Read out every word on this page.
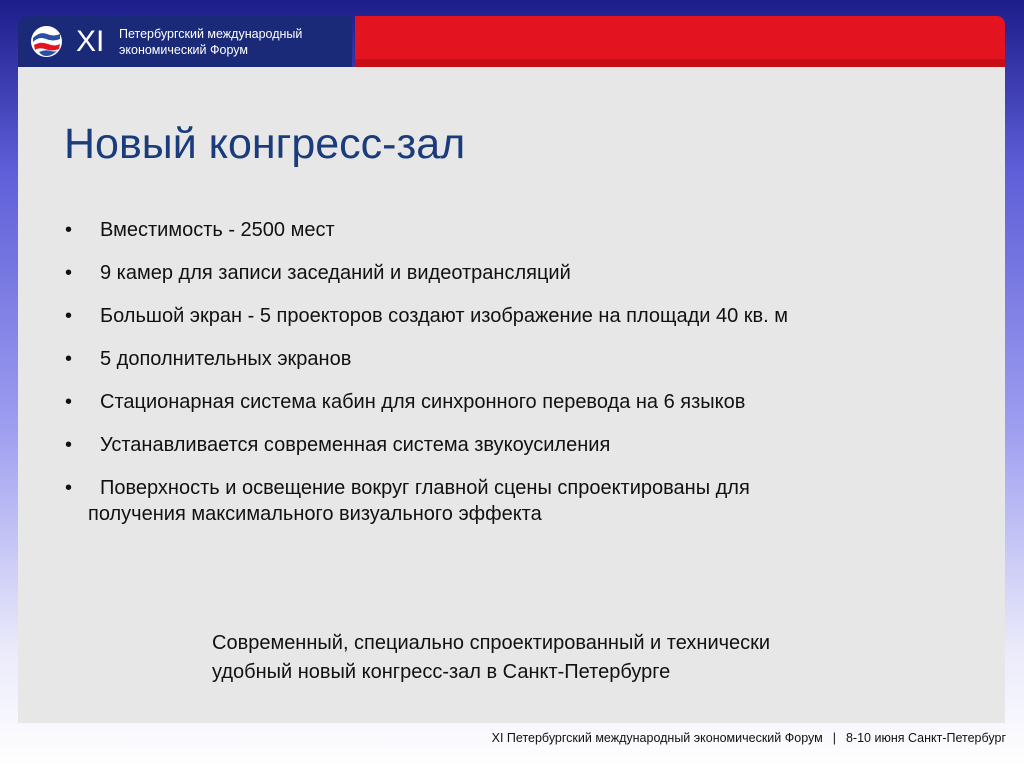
XI Петербургский международный
экономический Форум
Новый конгресс-зал
• Вместимость - 2500 мест
• 9 камер для записи заседаний и видеотрансляций
• Большой экран - 5 проекторов создают изображение на площади 40 кв. м
• 5 дополнительных экранов
• Стационарная система кабин для синхронного перевода на 6 языков
• Устанавливается современная система звукоусиления
• Поверхность и освещение вокруг главной сцены спроектированы для
получения максимального визуального эффекта
Современный, специально спроектированный и технически
удобный новый конгресс-зал в Санкт-Петербурге
XI Петербургский международный экономический Форум | 8-10 июня Санкт-Петербург
